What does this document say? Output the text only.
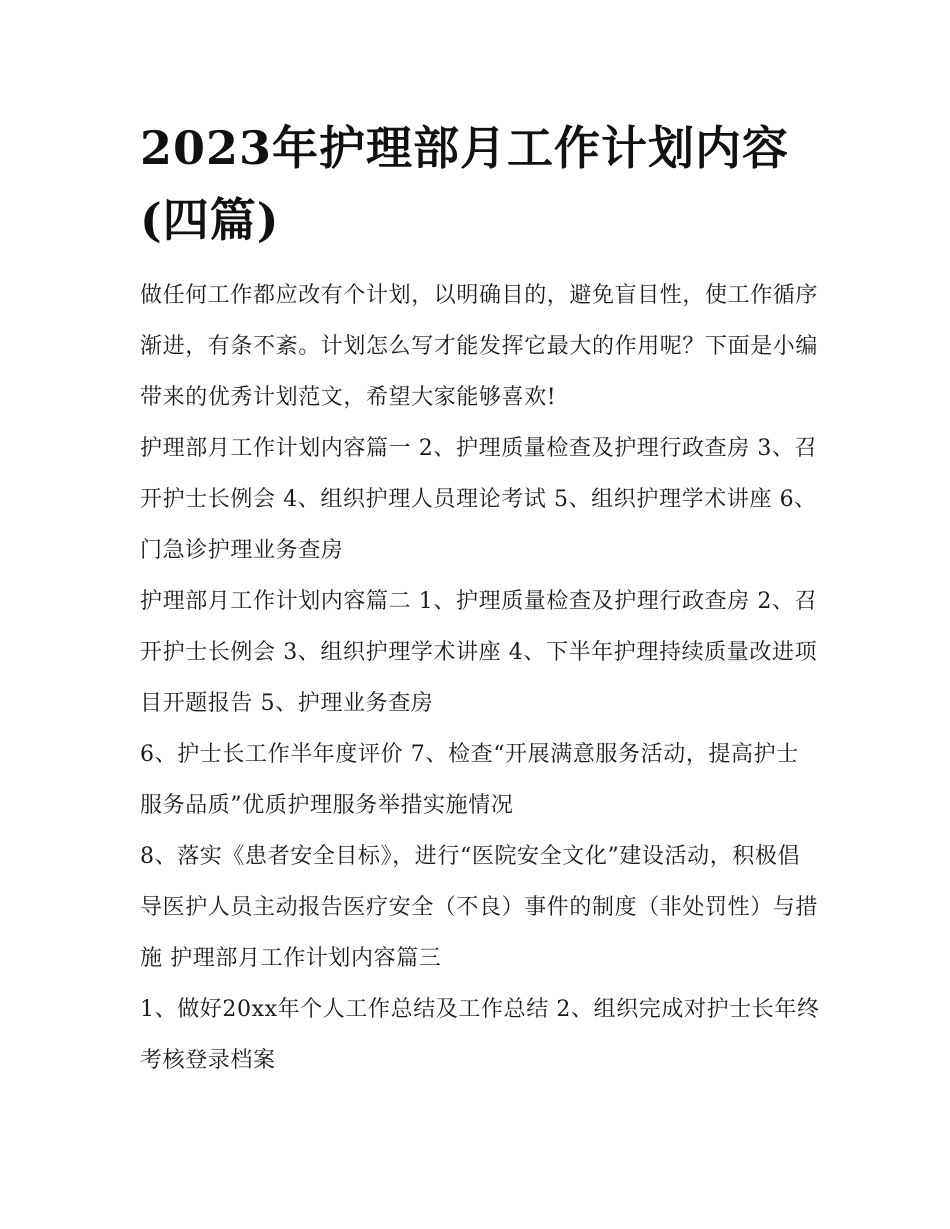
2023年护理部月工作计划内容(四篇)

做任何工作都应改有个计划，以明确目的，避免盲目性，使工作循序渐进，有条不紊。计划怎么写才能发挥它最大的作用呢？下面是小编带来的优秀计划范文，希望大家能够喜欢!

护理部月工作计划内容篇一 2、护理质量检查及护理行政查房 3、召开护士长例会 4、组织护理人员理论考试 5、组织护理学术讲座 6、门急诊护理业务查房

护理部月工作计划内容篇二 1、护理质量检查及护理行政查房 2、召开护士长例会 3、组织护理学术讲座 4、下半年护理持续质量改进项目开题报告 5、护理业务查房

6、护士长工作半年度评价 7、检查“开展满意服务活动，提高护士服务品质”优质护理服务举措实施情况

8、落实《患者安全目标》，进行“医院安全文化”建设活动，积极倡导医护人员主动报告医疗安全（不良）事件的制度（非处罚性）与措施 护理部月工作计划内容篇三

1、做好20xx年个人工作总结及工作总结 2、组织完成对护士长年终考核登录档案
